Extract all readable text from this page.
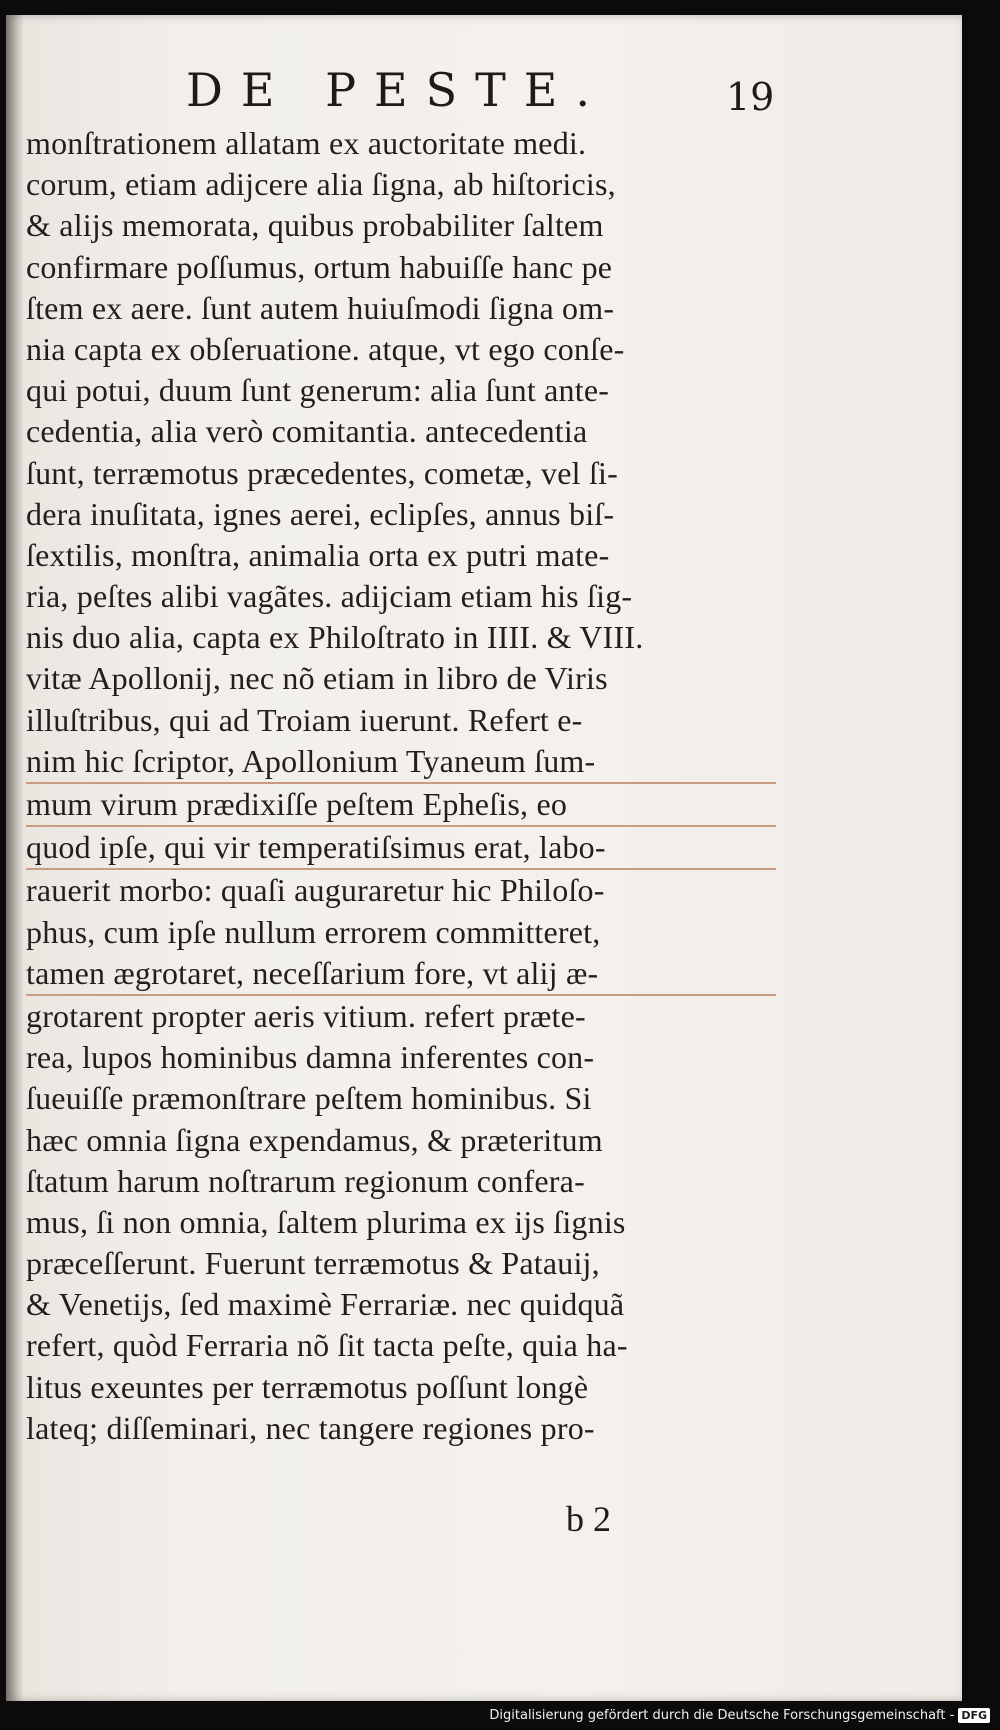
DE PESTE.	19
monſtrationem allatam ex auctoritate medi.
corum, etiam adijcere alia ſigna, ab hiſtoricis,
& alijs memorata, quibus probabiliter ſaltem
confirmare poſſumus, ortum habuiſſe hanc pe
ſtem ex aere. ſunt autem huiuſmodi ſigna om-
nia capta ex obſeruatione. atque, vt ego conſe-
qui potui, duum ſunt generum: alia ſunt ante-
cedentia, alia verò comitantia. antecedentia
ſunt, terræmotus præcedentes, cometæ, vel ſi-
dera inuſitata, ignes aerei, eclipſes, annus biſ-
ſextilis, monſtra, animalia orta ex putri mate-
ria, peſtes alibi vagãtes. adijciam etiam his ſig-
nis duo alia, capta ex Philoſtrato in IIII. & VIII.
vitæ Apollonij, nec nõ etiam in libro de Viris
illuſtribus, qui ad Troiam iuerunt. Refert e-
nim hic ſcriptor, Apollonium Tyaneum ſum-
mum virum prædixiſſe peſtem Epheſis, eo
quod ipſe, qui vir temperatiſsimus erat, labo-
rauerit morbo: quaſi augurаretur hic Philoſo-
phus, cum ipſe nullum errorem committeret,
tamen ægrotaret, neceſſarium fore, vt alij æ-
grotarent propter aeris vitium. refert præte-
rea, lupos hominibus damna inferentes con-
ſueuiſſe præmonſtrare peſtem hominibus. Si
hæc omnia ſigna expendamus, & præteritum
ſtatum harum noſtrarum regionum conferа-
mus, ſi non omnia, ſaltem plurima ex ijs ſignis
præceſſerunt. Fuerunt terræmotus & Patauij,
& Venetijs, ſed maximè Ferrariæ. nec quidquã
refert, quòd Ferraria nõ ſit tacta peſte, quia ha-
litus exeuntes per terræmotus poſſunt longè
lateq; diſſeminari, nec tangere regiones pro-
b 2
Digitalisierung gefördert durch die Deutsche Forschungsgemeinschaft - DFG
